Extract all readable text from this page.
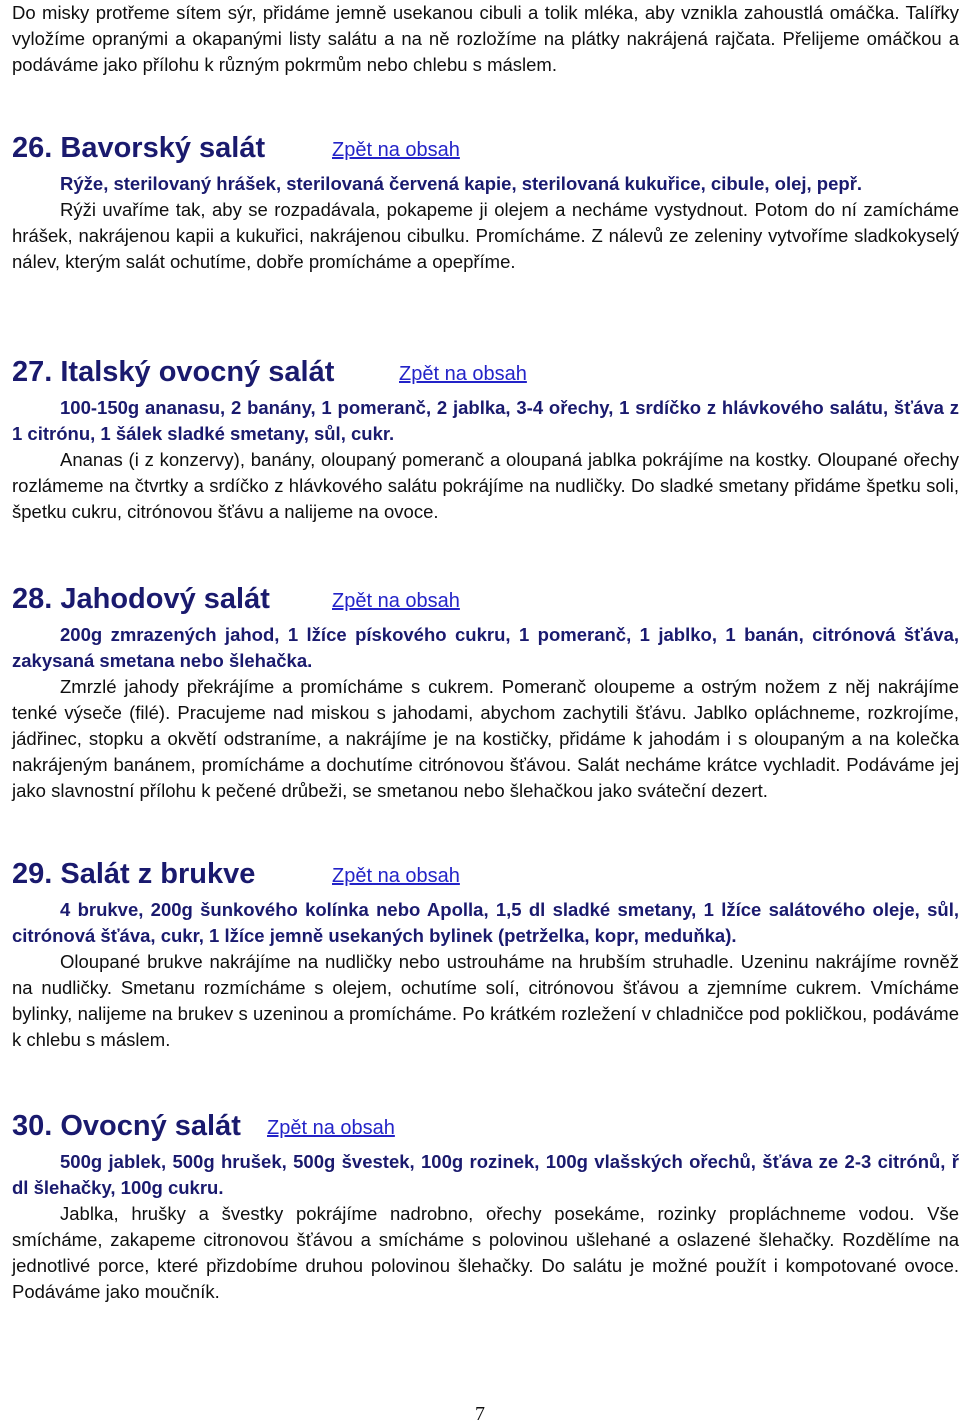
Do misky protřeme sítem sýr, přidáme jemně usekanou cibuli a tolik mléka, aby vznikla zahoustlá omáčka. Talířky vyložíme opranými a okapanými listy salátu a na ně rozložíme na plátky nakrájená rajčata. Přelijeme omáčkou a podáváme jako přílohu k různým pokrmům nebo chlebu s máslem.

26. Bavorský salát	Zpět na obsah

Rýže, sterilovaný hrášek, sterilovaná červená kapie, sterilovaná kukuřice, cibule, olej, pepř.

Rýži uvaříme tak, aby se rozpadávala, pokapeme ji olejem a necháme vystydnout. Potom do ní zamícháme hrášek, nakrájenou kapii a kukuřici, nakrájenou cibulku. Promícháme. Z nálevů ze zeleniny vytvoříme sladkokyselý nálev, kterým salát ochutíme, dobře promícháme a opepříme.

27. Italský ovocný salát	Zpět na obsah

100-150g ananasu, 2 banány, 1 pomeranč, 2 jablka, 3-4 ořechy, 1 srdíčko z hlávkového salátu, šťáva z 1 citrónu, 1 šálek sladké smetany, sůl, cukr.

Ananas (i z konzervy), banány, oloupaný pomeranč a oloupaná jablka pokrájíme na kostky. Oloupané ořechy rozlámeme na čtvrtky a srdíčko z hlávkového salátu pokrájíme na nudličky. Do sladké smetany přidáme špetku soli, špetku cukru, citrónovou šťávu a nalijeme na ovoce.

28. Jahodový salát	Zpět na obsah

200g zmrazených jahod, 1 lžíce pískového cukru, 1 pomeranč, 1 jablko, 1 banán, citrónová šťáva, zakysaná smetana nebo šlehačka.

Zmrzlé jahody překrájíme a promícháme s cukrem. Pomeranč oloupeme a ostrým nožem z něj nakrájíme tenké výseče (filé). Pracujeme nad miskou s jahodami, abychom zachytili šťávu. Jablko opláchneme, rozkrojíme, jádřinec, stopku a okvětí odstraníme, a nakrájíme je na kostičky, přidáme k jahodám i s oloupaným a na kolečka nakrájeným banánem, promícháme a dochutíme citrónovou šťávou. Salát necháme krátce vychladit. Podáváme jej jako slavnostní přílohu k pečené drůbeži, se smetanou nebo šlehačkou jako sváteční dezert.

29. Salát z brukve	Zpět na obsah

4 brukve, 200g šunkového kolínka nebo Apolla, 1,5 dl sladké smetany, 1 lžíce salátového oleje, sůl, citrónová šťáva, cukr, 1 lžíce jemně usekaných bylinek (petrželka, kopr, meduňka).

Oloupané brukve nakrájíme na nudličky nebo ustrouháme na hrubším struhadle. Uzeninu nakrájíme rovněž na nudličky. Smetanu rozmícháme s olejem, ochutíme solí, citrónovou šťávou a zjemníme cukrem. Vmícháme bylinky, nalijeme na brukev s uzeninou a promícháme. Po krátkém rozležení v chladničce pod pokličkou, podáváme k chlebu s máslem.

30. Ovocný salát Zpět na obsah

500g jablek, 500g hrušek, 500g švestek, 100g rozinek, 100g vlašských ořechů, šťáva ze 2-3 citrónů, ř dl šlehačky, 100g cukru.

Jablka, hrušky a švestky pokrájíme nadrobno, ořechy posekáme, rozinky propláchneme vodou. Vše smícháme, zakapeme citronovou šťávou a smícháme s polovinou ušlehané a oslazené šlehačky. Rozdělíme na jednotlivé porce, které přizdobíme druhou polovinou šlehačky. Do salátu je možné použít i kompotované ovoce. Podáváme jako moučník.

7
